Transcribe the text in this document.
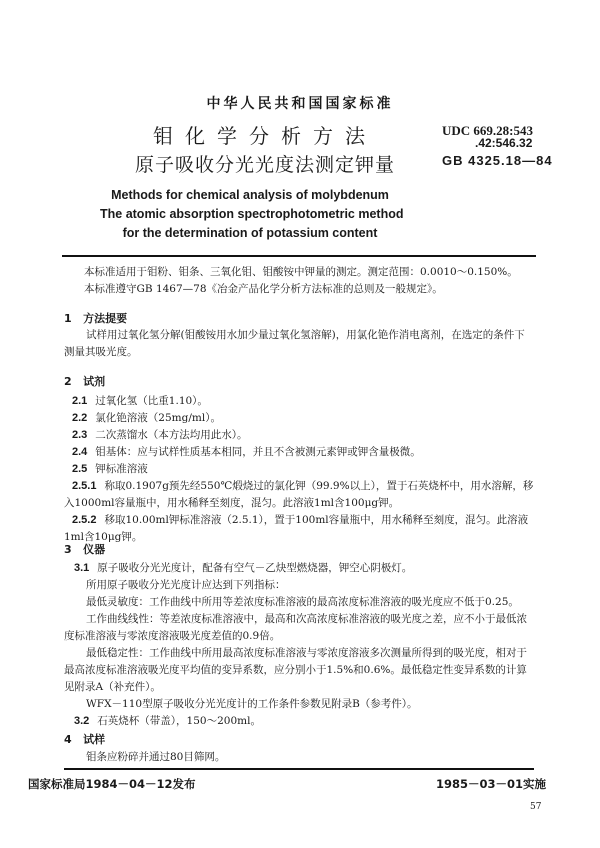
中华人民共和国国家标准
钼化学分析方法
原子吸收分光光度法测定钾量
UDC 669.28:543
.42:546.32
GB 4325.18—84
Methods for chemical analysis of molybdenum
The atomic absorption spectrophotometric method
for the determination of potassium content
本标准适用于钼粉、钼条、三氧化钼、钼酸铵中钾量的测定。测定范围：0.0010～0.150%。
本标准遵守GB 1467—78《冶金产品化学分析方法标准的总则及一般规定》。
1 方法提要
试样用过氧化氢分解(钼酸铵用水加少量过氧化氢溶解)，用氯化铯作消电离剂，在选定的条件下
测量其吸光度。
2 试剂
2.1 过氧化氢（比重1.10）。
2.2 氯化铯溶液（25mg/ml）。
2.3 二次蒸馏水（本方法均用此水）。
2.4 钼基体：应与试样性质基本相同，并且不含被测元素钾或钾含量极微。
2.5 钾标准溶液
2.5.1 称取0.1907g预先经550℃煅烧过的氯化钾（99.9%以上），置于石英烧杯中，用水溶解，移
入1000ml容量瓶中，用水稀释至刻度，混匀。此溶液1ml含100μg钾。
2.5.2 移取10.00ml钾标准溶液（2.5.1），置于100ml容量瓶中，用水稀释至刻度，混匀。此溶液
1ml含10μg钾。
3 仪器
3.1 原子吸收分光光度计，配备有空气－乙炔型燃烧器，钾空心阴极灯。
所用原子吸收分光光度计应达到下列指标：
最低灵敏度：工作曲线中所用等差浓度标准溶液的最高浓度标准溶液的吸光度应不低于0.25。
工作曲线线性：等差浓度标准溶液中，最高和次高浓度标准溶液的吸光度之差，应不小于最低浓
度标准溶液与零浓度溶液吸光度差值的0.9倍。
最低稳定性：工作曲线中所用最高浓度标准溶液与零浓度溶液多次测量所得到的吸光度，相对于
最高浓度标准溶液吸光度平均值的变异系数，应分别小于1.5%和0.6%。最低稳定性变异系数的计算
见附录A（补充件）。
WFX－110型原子吸收分光光度计的工作条件参数见附录B（参考件）。
3.2 石英烧杯（带盖），150～200ml。
4 试样
钼条应粉碎并通过80目筛网。
国家标准局1984－04－12发布	1985－03－01实施
57
